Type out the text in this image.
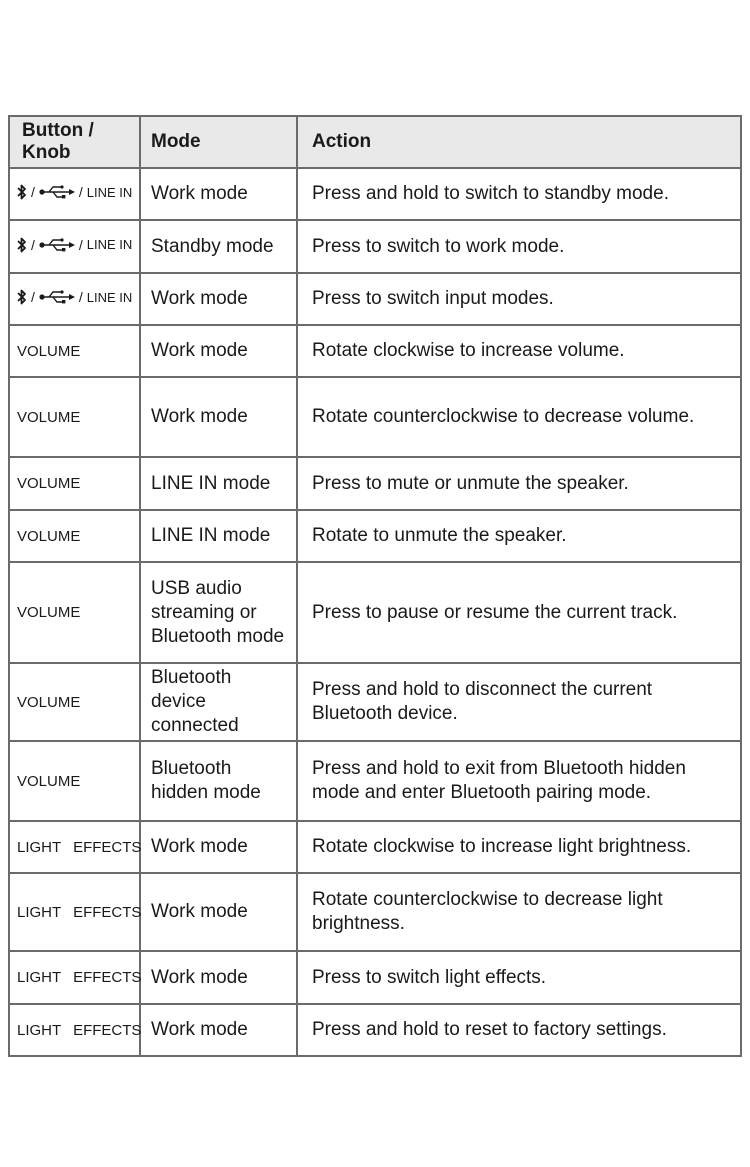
Button / Knob	Mode	Action

/ / LINE IN	Work mode	Press and hold to switch to standby mode.

/ / LINE IN	Standby mode	Press to switch to work mode.

/ / LINE IN	Work mode	Press to switch input modes.
VOLUME	Work mode	Rotate clockwise to increase volume.
VOLUME	Work mode	Rotate counterclockwise to decrease volume.
VOLUME	LINE IN mode	Press to mute or unmute the speaker.
VOLUME	LINE IN mode	Rotate to unmute the speaker.
VOLUME	USB audio streaming or Bluetooth mode	Press to pause or resume the current track.
VOLUME	Bluetooth device connected	Press and hold to disconnect the current Bluetooth device.
VOLUME	Bluetooth hidden mode	Press and hold to exit from Bluetooth hidden mode and enter Bluetooth pairing mode.
LIGHT EFFECTS	Work mode	Rotate clockwise to increase light brightness.
LIGHT EFFECTS	Work mode	Rotate counterclockwise to decrease light brightness.
LIGHT EFFECTS	Work mode	Press to switch light effects.
LIGHT EFFECTS	Work mode	Press and hold to reset to factory settings.
